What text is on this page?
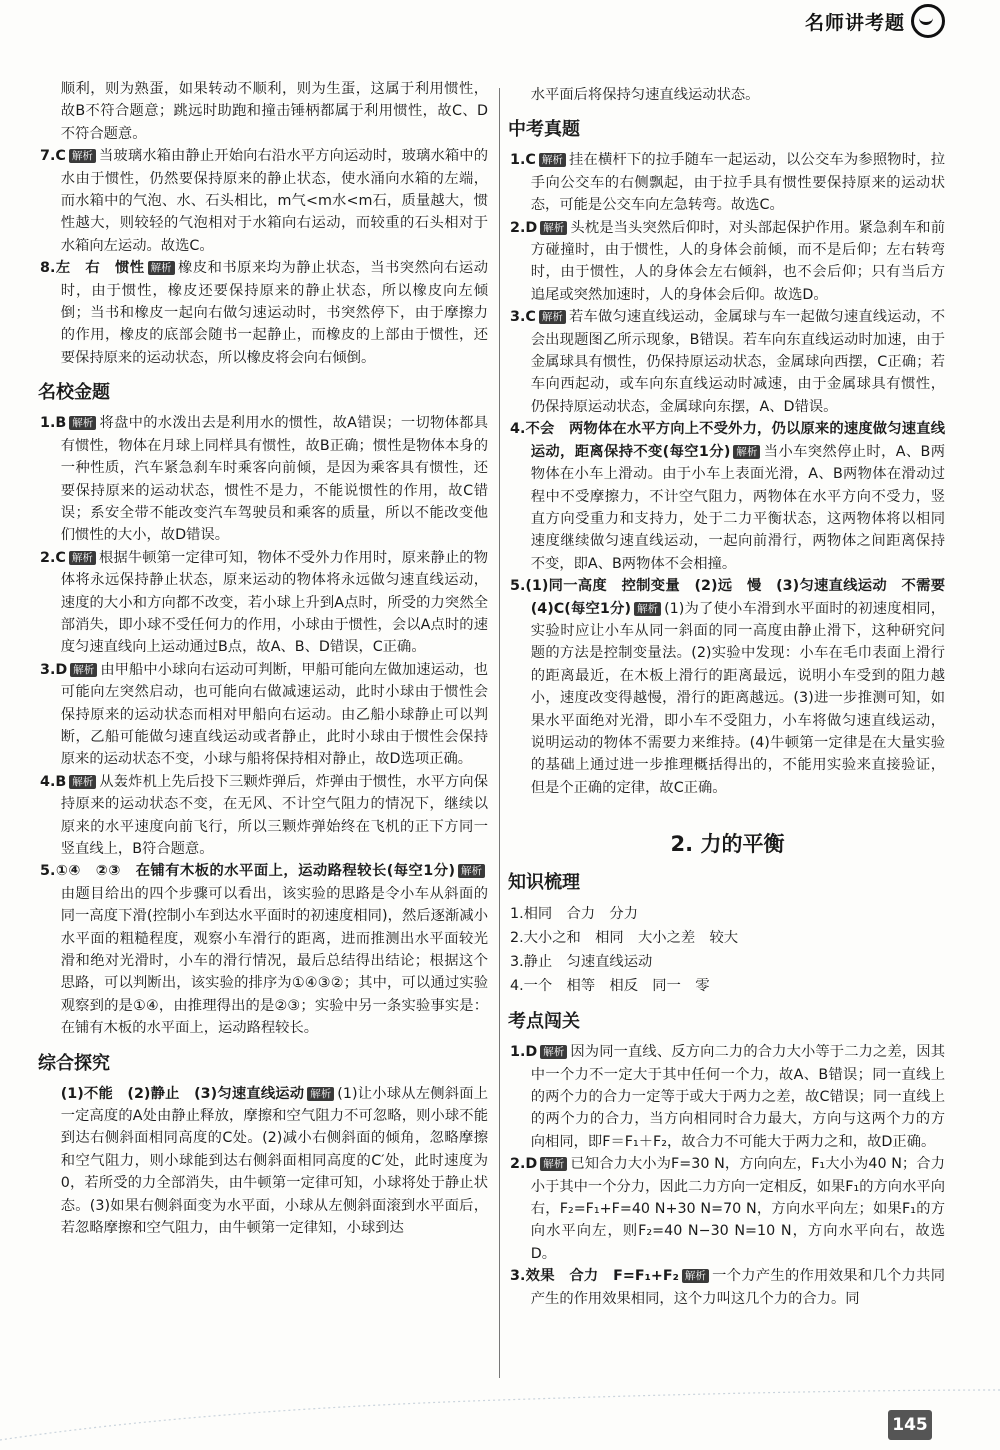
名师讲考题
顺利，则为熟蛋，如果转动不顺利，则为生蛋，这属于利用惯性，故B不符合题意；跳远时助跑和撞击锤柄都属于利用惯性，故C、D不符合题意。
7.C 解析 当玻璃水箱由静止开始向右沿水平方向运动时，玻璃水箱中的水由于惯性，仍然要保持原来的静止状态，使水涌向水箱的左端，而水箱中的气泡、水、石头相比，m气<m水<m石，质量越大，惯性越大，则较轻的气泡相对于水箱向右运动，而较重的石头相对于水箱向左运动。故选C。
8.左　右　惯性 解析 橡皮和书原来均为静止状态，当书突然向右运动时，由于惯性，橡皮还要保持原来的静止状态，所以橡皮向左倾倒；当书和橡皮一起向右做匀速运动时，书突然停下，由于摩擦力的作用，橡皮的底部会随书一起静止，而橡皮的上部由于惯性，还要保持原来的运动状态，所以橡皮将会向右倾倒。
名校金题
1.B 解析 将盘中的水泼出去是利用水的惯性，故A错误；一切物体都具有惯性，物体在月球上同样具有惯性，故B正确；惯性是物体本身的一种性质，汽车紧急刹车时乘客向前倾，是因为乘客具有惯性，还要保持原来的运动状态，惯性不是力，不能说惯性的作用，故C错误；系安全带不能改变汽车驾驶员和乘客的质量，所以不能改变他们惯性的大小，故D错误。
2.C 解析 根据牛顿第一定律可知，物体不受外力作用时，原来静止的物体将永远保持静止状态，原来运动的物体将永远做匀速直线运动，速度的大小和方向都不改变，若小球上升到A点时，所受的力突然全部消失，即小球不受任何力的作用，小球由于惯性，会以A点时的速度匀速直线向上运动通过B点，故A、B、D错误，C正确。
3.D 解析 由甲船中小球向右运动可判断，甲船可能向左做加速运动，也可能向左突然启动，也可能向右做减速运动，此时小球由于惯性会保持原来的运动状态而相对甲船向右运动。由乙船小球静止可以判断，乙船可能做匀速直线运动或者静止，此时小球由于惯性会保持原来的运动状态不变，小球与船将保持相对静止，故D选项正确。
4.B 解析 从轰炸机上先后投下三颗炸弹后，炸弹由于惯性，水平方向保持原来的运动状态不变，在无风、不计空气阻力的情况下，继续以原来的水平速度向前飞行，所以三颗炸弹始终在飞机的正下方同一竖直线上，B符合题意。
5.①④　②③　在铺有木板的水平面上，运动路程较长(每空1分) 解析由题目给出的四个步骤可以看出，该实验的思路是令小车从斜面的同一高度下滑(控制小车到达水平面时的初速度相同)，然后逐渐减小水平面的粗糙程度，观察小车滑行的距离，进而推测出水平面较光滑和绝对光滑时，小车的滑行情况，最后总结得出结论；根据这个思路，可以判断出，该实验的排序为①④③②；其中，可以通过实验观察到的是①④，由推理得出的是②③；实验中另一条实验事实是：在铺有木板的水平面上，运动路程较长。
综合探究
(1)不能　(2)静止　(3)匀速直线运动 解析 (1)让小球从左侧斜面上一定高度的A处由静止释放，摩擦和空气阻力不可忽略，则小球不能到达右侧斜面相同高度的C处。(2)减小右侧斜面的倾角，忽略摩擦和空气阻力，则小球能到达右侧斜面相同高度的C′处，此时速度为0，若所受的力全部消失，由牛顿第一定律可知，小球将处于静止状态。(3)如果右侧斜面变为水平面，小球从左侧斜面滚到水平面后，若忽略摩擦和空气阻力，由牛顿第一定律知，小球到达
水平面后将保持匀速直线运动状态。
中考真题
1.C 解析 挂在横杆下的拉手随车一起运动，以公交车为参照物时，拉手向公交车的右侧飘起，由于拉手具有惯性要保持原来的运动状态，可能是公交车向左急转弯。故选C。
2.D 解析 头枕是当头突然后仰时，对头部起保护作用。紧急刹车和前方碰撞时，由于惯性，人的身体会前倾，而不是后仰；左右转弯时，由于惯性，人的身体会左右倾斜，也不会后仰；只有当后方追尾或突然加速时，人的身体会后仰。故选D。
3.C 解析 若车做匀速直线运动，金属球与车一起做匀速直线运动，不会出现题图乙所示现象，B错误。若车向东直线运动时加速，由于金属球具有惯性，仍保持原运动状态，金属球向西摆，C正确；若车向西起动，或车向东直线运动时减速，由于金属球具有惯性，仍保持原运动状态，金属球向东摆，A、D错误。
4.不会　两物体在水平方向上不受外力，仍以原来的速度做匀速直线运动，距离保持不变(每空1分) 解析 当小车突然停止时，A、B两物体在小车上滑动。由于小车上表面光滑，A、B两物体在滑动过程中不受摩擦力，不计空气阻力，两物体在水平方向不受力，竖直方向受重力和支持力，处于二力平衡状态，这两物体将以相同速度继续做匀速直线运动，一起向前滑行，两物体之间距离保持不变，即A、B两物体不会相撞。
5.(1)同一高度　控制变量　(2)远　慢　(3)匀速直线运动　不需要　(4)C(每空1分) 解析 (1)为了使小车滑到水平面时的初速度相同，实验时应让小车从同一斜面的同一高度由静止滑下，这种研究问题的方法是控制变量法。(2)实验中发现：小车在毛巾表面上滑行的距离最近，在木板上滑行的距离最远，说明小车受到的阻力越小，速度改变得越慢，滑行的距离越远。(3)进一步推测可知，如果水平面绝对光滑，即小车不受阻力，小车将做匀速直线运动，说明运动的物体不需要力来维持。(4)牛顿第一定律是在大量实验的基础上通过进一步推理概括得出的，不能用实验来直接验证，但是个正确的定律，故C正确。
2. 力的平衡
知识梳理
1.相同　合力　分力
2.大小之和　相同　大小之差　较大
3.静止　匀速直线运动
4.一个　相等　相反　同一　零
考点闯关
1.D 解析 因为同一直线、反方向二力的合力大小等于二力之差，因其中一个力不一定大于其中任何一个力，故A、B错误；同一直线上的两个力的合力一定等于或大于两力之差，故C错误；同一直线上的两个力的合力，当方向相同时合力最大，方向与这两个力的方向相同，即F＝F₁＋F₂，故合力不可能大于两力之和，故D正确。
2.D 解析 已知合力大小为F=30 N，方向向左，F₁大小为40 N；合力小于其中一个分力，因此二力方向一定相反，如果F₁的方向水平向右，F₂=F₁+F=40 N+30 N=70 N，方向水平向左；如果F₁的方向水平向左，则F₂=40 N−30 N=10 N，方向水平向右，故选D。
3.效果　合力　F=F₁+F₂ 解析 一个力产生的作用效果和几个力共同产生的作用效果相同，这个力叫这几个力的合力。同
145
